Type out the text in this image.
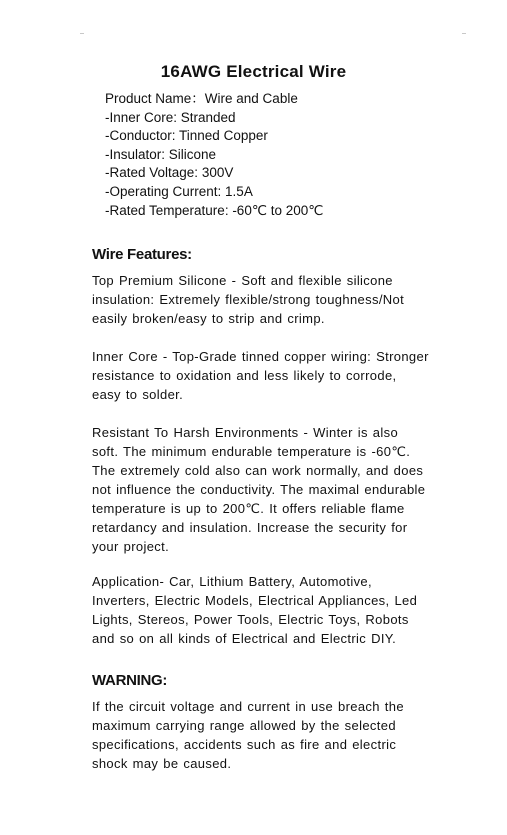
16AWG Electrical Wire
Product Name：Wire and Cable
-Inner Core: Stranded
-Conductor: Tinned Copper
-Insulator: Silicone
-Rated Voltage: 300V
-Operating Current: 1.5A
-Rated Temperature: -60℃ to 200℃
Wire Features:

Top Premium Silicone - Soft and flexible silicone
insulation: Extremely flexible/strong toughness/Not
easily broken/easy to strip and crimp.

Inner Core - Top-Grade tinned copper wiring: Stronger
resistance to oxidation and less likely to corrode,
easy to solder.

Resistant To Harsh Environments - Winter is also
soft. The minimum endurable temperature is -60℃.
The extremely cold also can work normally, and does
not influence the conductivity. The maximal endurable
temperature is up to 200℃. It offers reliable flame
retardancy and insulation. Increase the security for
your project.

Application- Car, Lithium Battery, Automotive,
Inverters, Electric Models, Electrical Appliances, Led
Lights, Stereos, Power Tools, Electric Toys, Robots
and so on all kinds of Electrical and Electric DIY.

WARNING:

If the circuit voltage and current in use breach the
maximum carrying range allowed by the selected
specifications, accidents such as fire and electric
shock may be caused.
